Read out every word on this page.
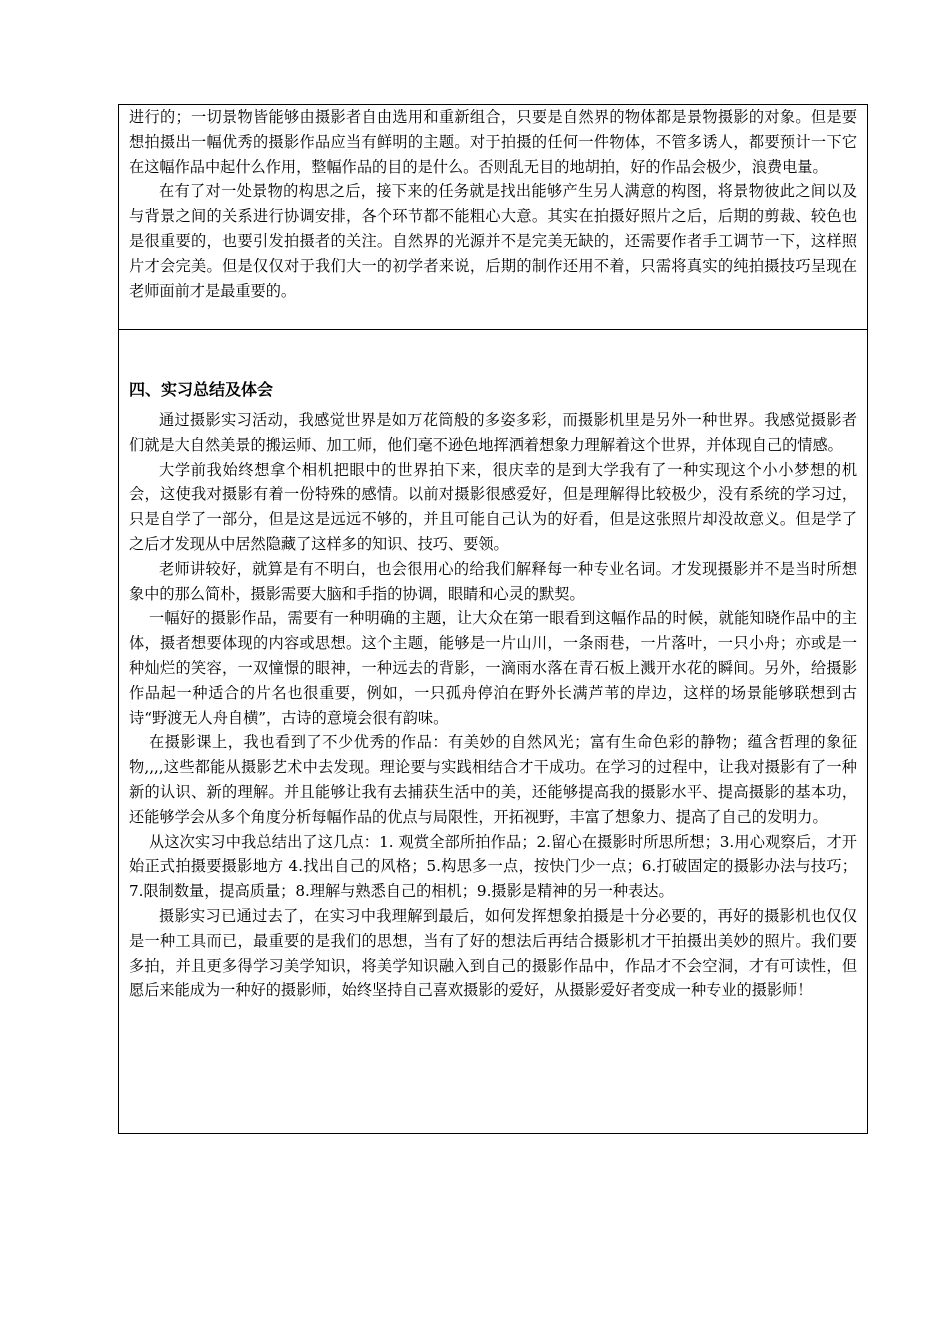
进行的；一切景物皆能够由摄影者自由选用和重新组合，只要是自然界的物体都是景物摄影的对象。但是要想拍摄出一幅优秀的摄影作品应当有鲜明的主题。对于拍摄的任何一件物体，不管多诱人，都要预计一下它在这幅作品中起什么作用，整幅作品的目的是什么。否则乱无目的地胡拍，好的作品会极少，浪费电量。

在有了对一处景物的构思之后，接下来的任务就是找出能够产生另人满意的构图，将景物彼此之间以及与背景之间的关系进行协调安排，各个环节都不能粗心大意。其实在拍摄好照片之后，后期的剪裁、较色也是很重要的，也要引发拍摄者的关注。自然界的光源并不是完美无缺的，还需要作者手工调节一下，这样照片才会完美。但是仅仅对于我们大一的初学者来说，后期的制作还用不着，只需将真实的纯拍摄技巧呈现在老师面前才是最重要的。

四、实习总结及体会

通过摄影实习活动，我感觉世界是如万花筒般的多姿多彩，而摄影机里是另外一种世界。我感觉摄影者们就是大自然美景的搬运师、加工师，他们毫不逊色地挥洒着想象力理解着这个世界，并体现自己的情感。

大学前我始终想拿个相机把眼中的世界拍下来，很庆幸的是到大学我有了一种实现这个小小梦想的机会，这使我对摄影有着一份特殊的感情。以前对摄影很感爱好，但是理解得比较极少，没有系统的学习过，只是自学了一部分，但是这是远远不够的，并且可能自己认为的好看，但是这张照片却没故意义。但是学了之后才发现从中居然隐藏了这样多的知识、技巧、要领。

老师讲较好，就算是有不明白，也会很用心的给我们解释每一种专业名词。才发现摄影并不是当时所想象中的那么简朴，摄影需要大脑和手指的协调，眼睛和心灵的默契。

一幅好的摄影作品，需要有一种明确的主题，让大众在第一眼看到这幅作品的时候，就能知晓作品中的主体，摄者想要体现的内容或思想。这个主题，能够是一片山川，一条雨巷，一片落叶，一只小舟；亦或是一种灿烂的笑容，一双憧憬的眼神，一种远去的背影，一滴雨水落在青石板上溅开水花的瞬间。另外，给摄影作品起一种适合的片名也很重要，例如，一只孤舟停泊在野外长满芦苇的岸边，这样的场景能够联想到古诗“野渡无人舟自横”，古诗的意境会很有韵味。

在摄影课上，我也看到了不少优秀的作品：有美妙的自然风光；富有生命色彩的静物；蕴含哲理的象征物,,,,这些都能从摄影艺术中去发现。理论要与实践相结合才干成功。在学习的过程中，让我对摄影有了一种新的认识、新的理解。并且能够让我有去捕获生活中的美，还能够提高我的摄影水平、提高摄影的基本功，还能够学会从多个角度分析每幅作品的优点与局限性，开拓视野，丰富了想象力、提高了自己的发明力。

从这次实习中我总结出了这几点：1. 观赏全部所拍作品；2.留心在摄影时所思所想；3.用心观察后，才开始正式拍摄要摄影地方 4.找出自己的风格；5.构思多一点，按快门少一点；6.打破固定的摄影办法与技巧；7.限制数量，提高质量；8.理解与熟悉自己的相机；9.摄影是精神的另一种表达。

摄影实习已通过去了，在实习中我理解到最后，如何发挥想象拍摄是十分必要的，再好的摄影机也仅仅是一种工具而已，最重要的是我们的思想，当有了好的想法后再结合摄影机才干拍摄出美妙的照片。我们要多拍，并且更多得学习美学知识，将美学知识融入到自己的摄影作品中，作品才不会空洞，才有可读性，但愿后来能成为一种好的摄影师，始终坚持自己喜欢摄影的爱好，从摄影爱好者变成一种专业的摄影师！
